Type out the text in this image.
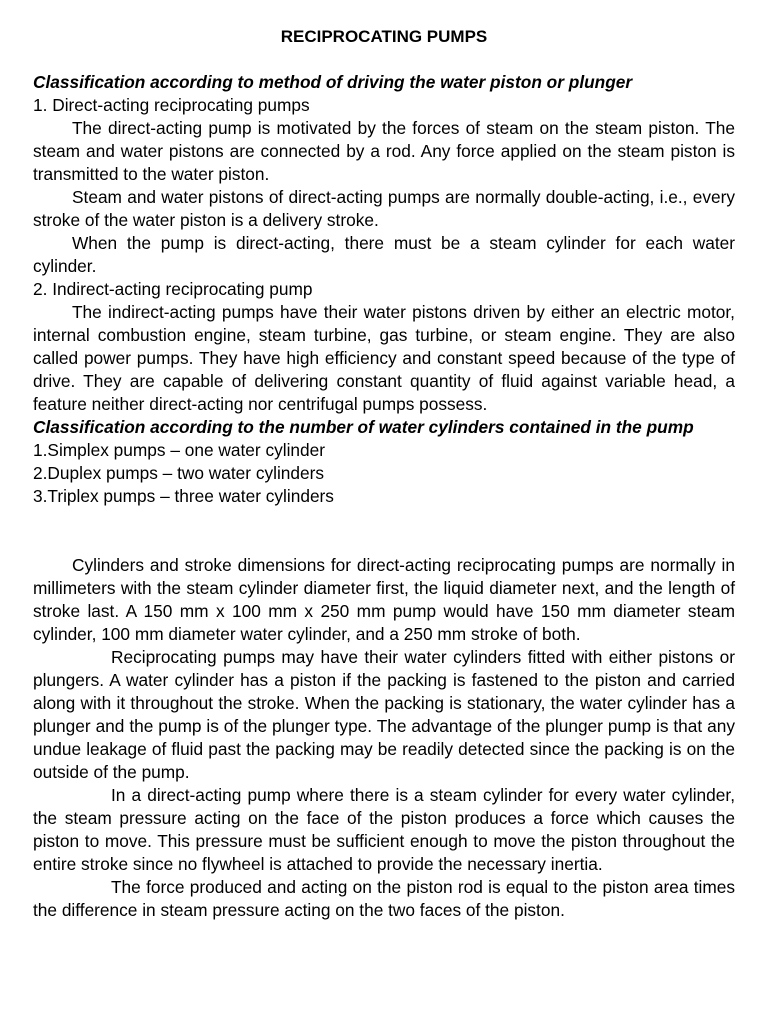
RECIPROCATING PUMPS

Classification according to method of driving the water piston or plunger

1. Direct-acting reciprocating pumps

The direct-acting pump is motivated by the forces of steam on the steam piston. The steam and water pistons are connected by a rod. Any force applied on the steam piston is transmitted to the water piston.

Steam and water pistons of direct-acting pumps are normally double-acting, i.e., every stroke of the water piston is a delivery stroke.

When the pump is direct-acting, there must be a steam cylinder for each water cylinder.

2. Indirect-acting reciprocating pump

The indirect-acting pumps have their water pistons driven by either an electric motor, internal combustion engine, steam turbine, gas turbine, or steam engine. They are also called power pumps. They have high efficiency and constant speed because of the type of drive. They are capable of delivering constant quantity of fluid against variable head, a feature neither direct-acting nor centrifugal pumps possess.

Classification according to the number of water cylinders contained in the pump

1.Simplex pumps – one water cylinder

2.Duplex pumps – two water cylinders

3.Triplex pumps – three water cylinders

Cylinders and stroke dimensions for direct-acting reciprocating pumps are normally in millimeters with the steam cylinder diameter first, the liquid diameter next, and the length of stroke last. A 150 mm x 100 mm x 250 mm pump would have 150 mm diameter steam cylinder, 100 mm diameter water cylinder, and a 250 mm stroke of both.

Reciprocating pumps may have their water cylinders fitted with either pistons or plungers. A water cylinder has a piston if the packing is fastened to the piston and carried along with it throughout the stroke. When the packing is stationary, the water cylinder has a plunger and the pump is of the plunger type. The advantage of the plunger pump is that any undue leakage of fluid past the packing may be readily detected since the packing is on the outside of the pump.

In a direct-acting pump where there is a steam cylinder for every water cylinder, the steam pressure acting on the face of the piston produces a force which causes the piston to move. This pressure must be sufficient enough to move the piston throughout the entire stroke since no flywheel is attached to provide the necessary inertia.

The force produced and acting on the piston rod is equal to the piston area times the difference in steam pressure acting on the two faces of the piston.
